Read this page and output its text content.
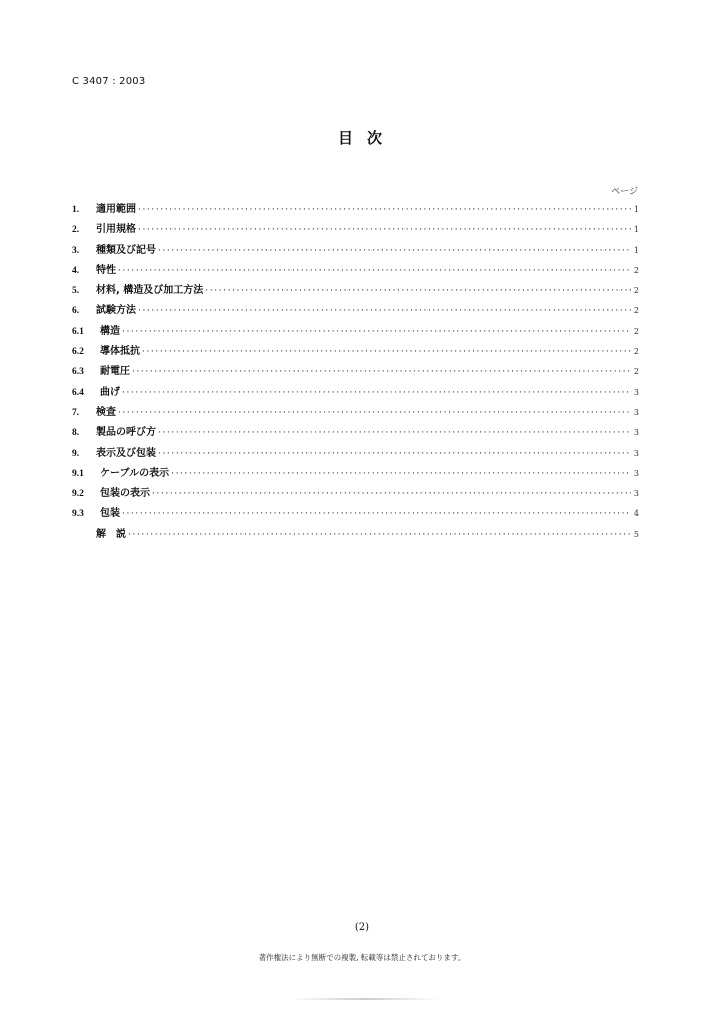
C 3407 : 2003
目次
ページ
1.	適用範囲 ·····	1
2.	引用規格 ·····	1
3.	種類及び記号 ·····	1
4.	特性 ·····	2
5.	材料, 構造及び加工方法 ·····	2
6.	試験方法 ·····	2
6.1	構造 ·····	2
6.2	導体抵抗 ·····	2
6.3	耐電圧 ·····	2
6.4	曲げ ·····	3
7.	検査 ·····	3
8.	製品の呼び方 ·····	3
9.	表示及び包装 ·····	3
9.1	ケーブルの表示 ·····	3
9.2	包装の表示 ·····	3
9.3	包装 ·····	4
解　説 ·····	5
(2)
著作権法により無断での複製, 転載等は禁止されております。
